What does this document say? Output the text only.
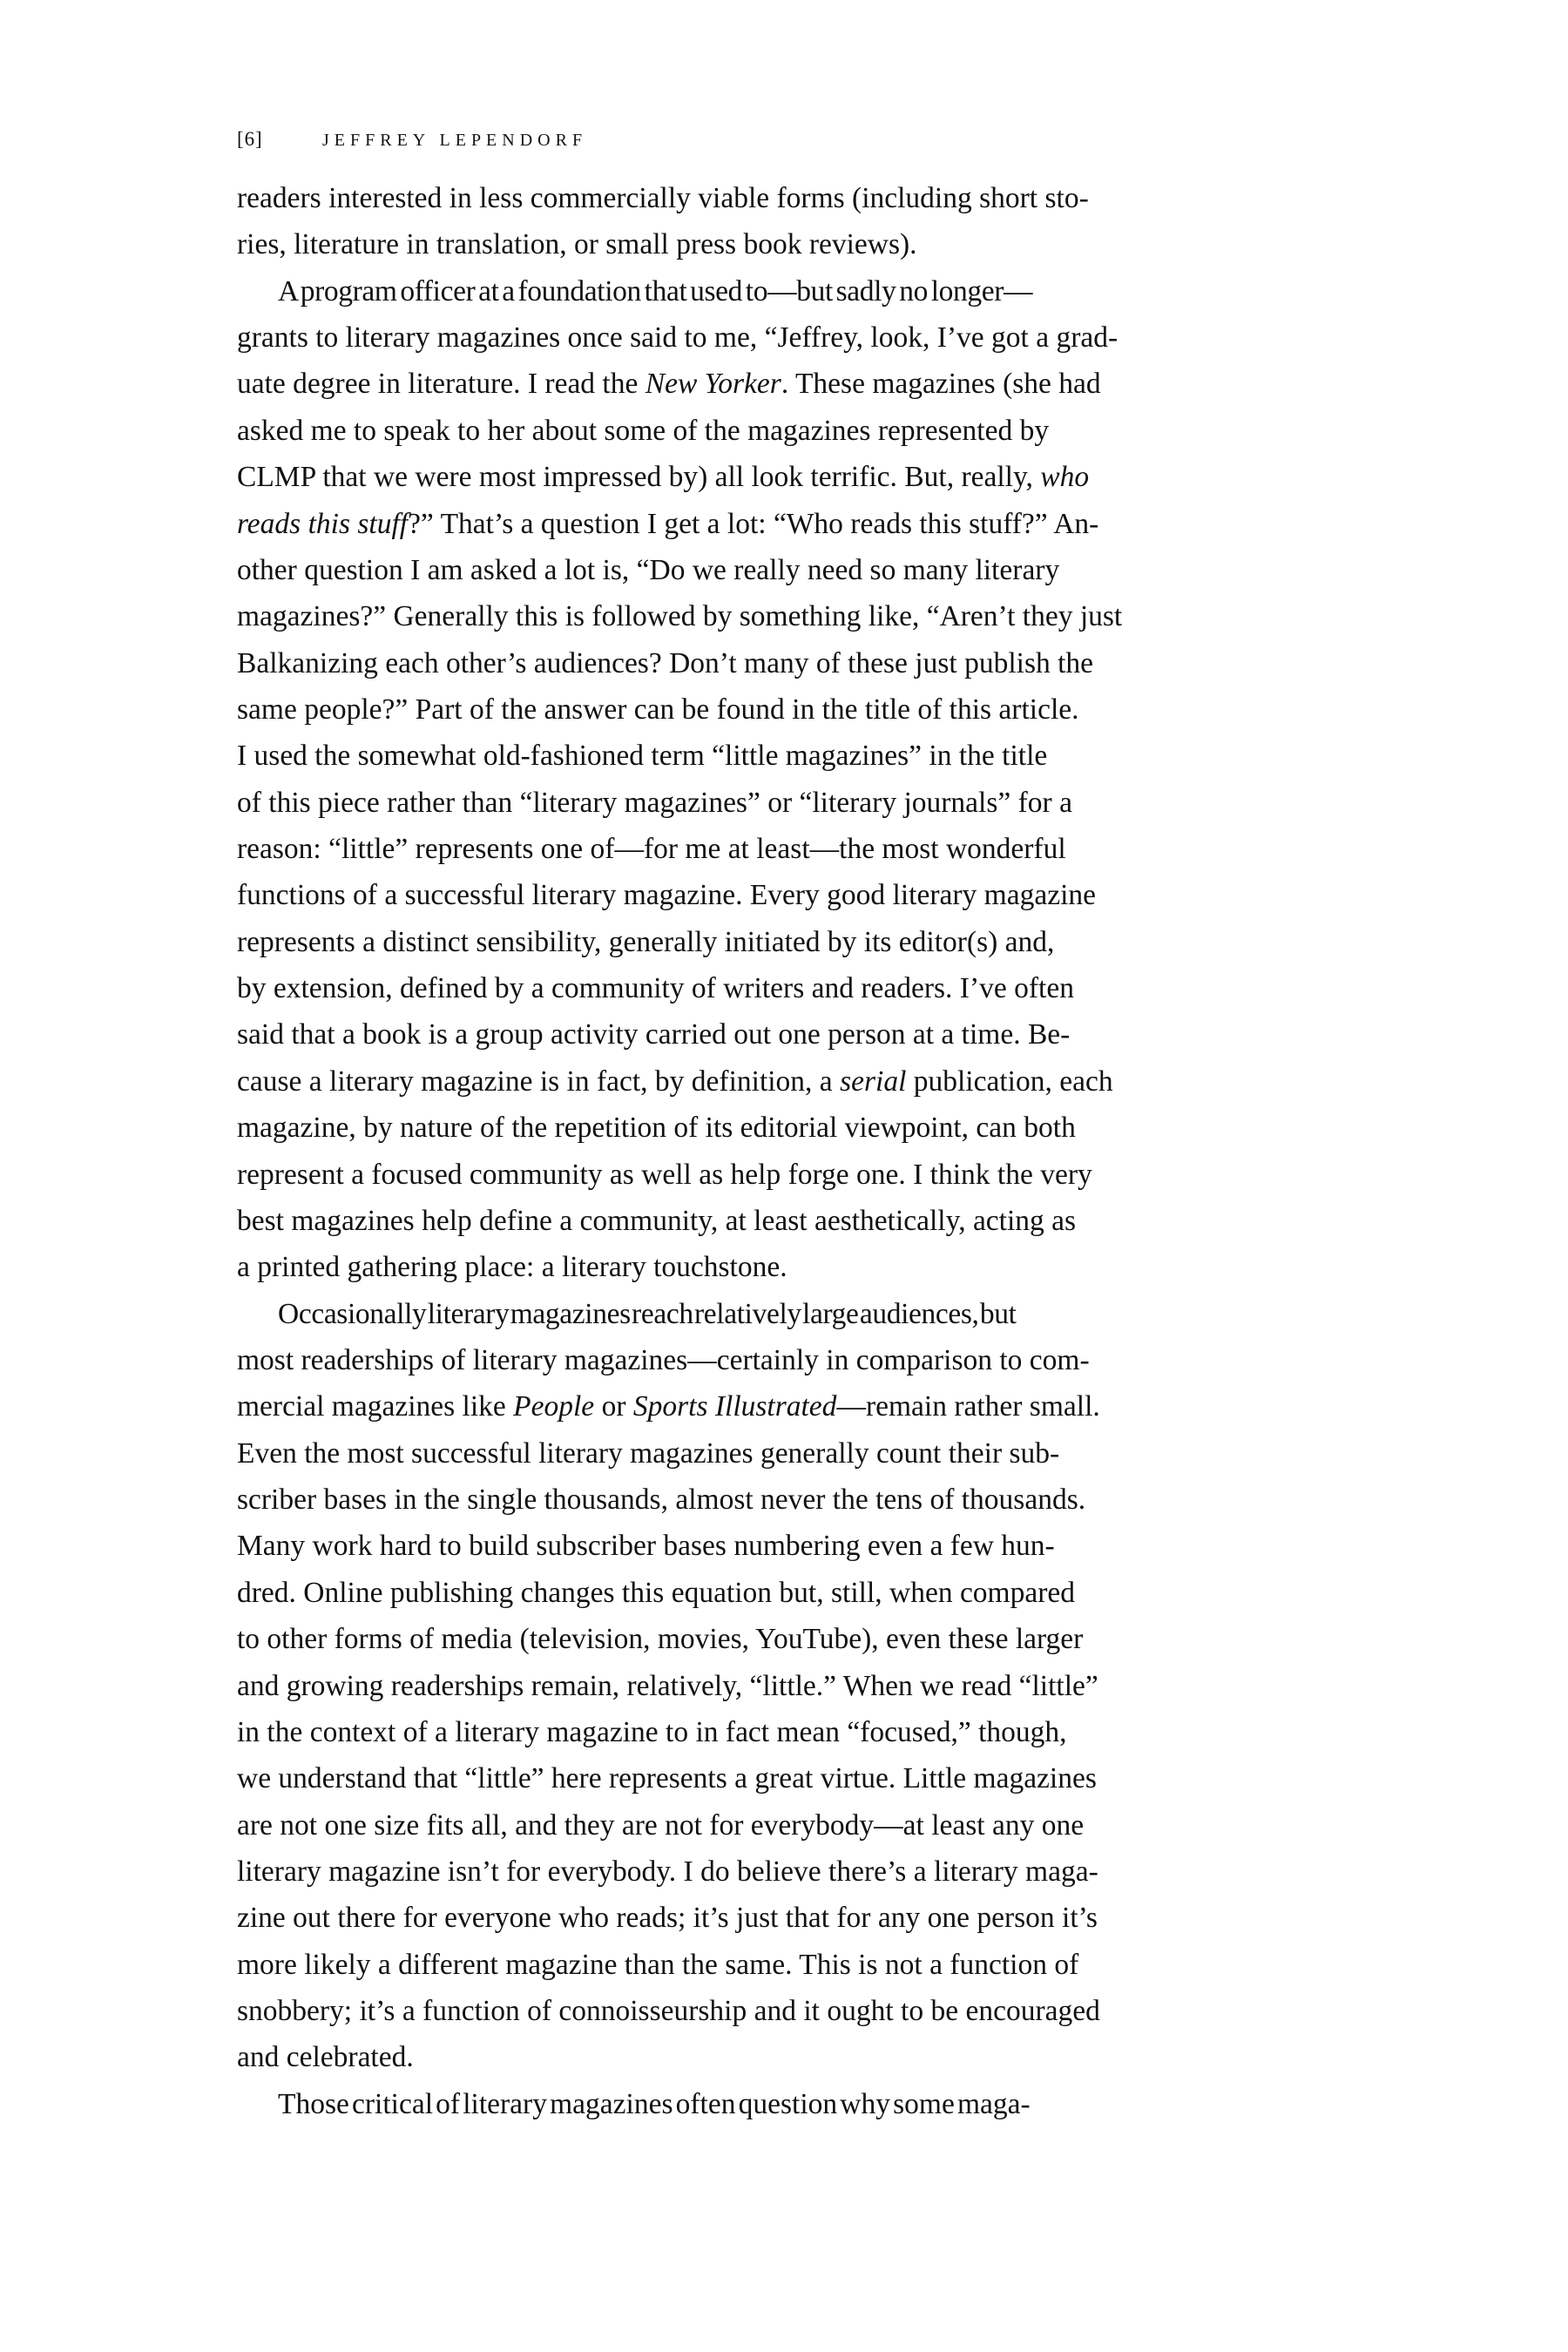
[6]	JEFFREY LEPENDORF
readers interested in less commercially viable forms (including short sto-
ries, literature in translation, or small press book reviews).
A program officer at a foundation that used to—but sadly no longer—
grants to literary magazines once said to me, “Jeffrey, look, I’ve got a grad-
uate degree in literature. I read the New Yorker. These magazines (she had
asked me to speak to her about some of the magazines represented by
CLMP that we were most impressed by) all look terrific. But, really, who
reads this stuff?” That’s a question I get a lot: “Who reads this stuff?” An-
other question I am asked a lot is, “Do we really need so many literary
magazines?” Generally this is followed by something like, “Aren’t they just
Balkanizing each other’s audiences? Don’t many of these just publish the
same people?” Part of the answer can be found in the title of this article.
I used the somewhat old-fashioned term “little magazines” in the title
of this piece rather than “literary magazines” or “literary journals” for a
reason: “little” represents one of—for me at least—the most wonderful
functions of a successful literary magazine. Every good literary magazine
represents a distinct sensibility, generally initiated by its editor(s) and,
by extension, defined by a community of writers and readers. I’ve often
said that a book is a group activity carried out one person at a time. Be-
cause a literary magazine is in fact, by definition, a serial publication, each
magazine, by nature of the repetition of its editorial viewpoint, can both
represent a focused community as well as help forge one. I think the very
best magazines help define a community, at least aesthetically, acting as
a printed gathering place: a literary touchstone.
Occasionally literary magazines reach relatively large audiences, but
most readerships of literary magazines—certainly in comparison to com-
mercial magazines like People or Sports Illustrated—remain rather small.
Even the most successful literary magazines generally count their sub-
scriber bases in the single thousands, almost never the tens of thousands.
Many work hard to build subscriber bases numbering even a few hun-
dred. Online publishing changes this equation but, still, when compared
to other forms of media (television, movies, YouTube), even these larger
and growing readerships remain, relatively, “little.” When we read “little”
in the context of a literary magazine to in fact mean “focused,” though,
we understand that “little” here represents a great virtue. Little magazines
are not one size fits all, and they are not for everybody—at least any one
literary magazine isn’t for everybody. I do believe there’s a literary maga-
zine out there for everyone who reads; it’s just that for any one person it’s
more likely a different magazine than the same. This is not a function of
snobbery; it’s a function of connoisseurship and it ought to be encouraged
and celebrated.
Those critical of literary magazines often question why some maga-
